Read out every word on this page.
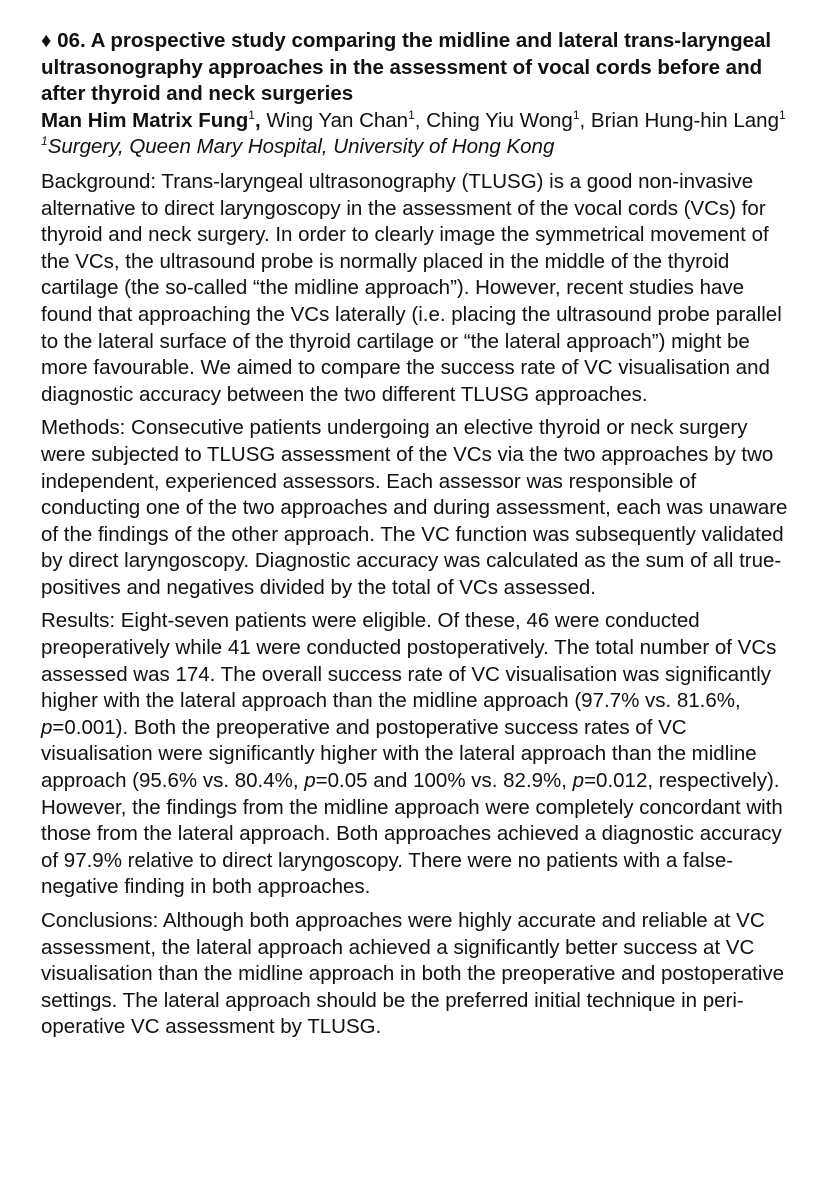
♦ 06. A prospective study comparing the midline and lateral trans-laryngeal ultrasonography approaches in the assessment of vocal cords before and after thyroid and neck surgeries

Man Him Matrix Fung$^1$, Wing Yan Chan$^1$, Ching Yiu Wong$^1$, Brian Hung-hin Lang$^1$

$^1$Surgery, Queen Mary Hospital, University of Hong Kong

Background: Trans-laryngeal ultrasonography (TLUSG) is a good non-invasive alternative to direct laryngoscopy in the assessment of the vocal cords (VCs) for thyroid and neck surgery. In order to clearly image the symmetrical movement of the VCs, the ultrasound probe is normally placed in the middle of the thyroid cartilage (the so-called “the midline approach”). However, recent studies have found that approaching the VCs laterally (i.e. placing the ultrasound probe parallel to the lateral surface of the thyroid cartilage or “the lateral approach”) might be more favourable. We aimed to compare the success rate of VC visualisation and diagnostic accuracy between the two different TLUSG approaches.

Methods: Consecutive patients undergoing an elective thyroid or neck surgery were subjected to TLUSG assessment of the VCs via the two approaches by two independent, experienced assessors. Each assessor was responsible of conducting one of the two approaches and during assessment, each was unaware of the findings of the other approach. The VC function was subsequently validated by direct laryngoscopy. Diagnostic accuracy was calculated as the sum of all true-positives and negatives divided by the total of VCs assessed.

Results: Eight-seven patients were eligible. Of these, 46 were conducted preoperatively while 41 were conducted postoperatively. The total number of VCs assessed was 174. The overall success rate of VC visualisation was significantly higher with the lateral approach than the midline approach (97.7% vs. 81.6%, p=0.001). Both the preoperative and postoperative success rates of VC visualisation were significantly higher with the lateral approach than the midline approach (95.6% vs. 80.4%, p=0.05 and 100% vs. 82.9%, p=0.012, respectively). However, the findings from the midline approach were completely concordant with those from the lateral approach. Both approaches achieved a diagnostic accuracy of 97.9% relative to direct laryngoscopy. There were no patients with a false-negative finding in both approaches.

Conclusions: Although both approaches were highly accurate and reliable at VC assessment, the lateral approach achieved a significantly better success at VC visualisation than the midline approach in both the preoperative and postoperative settings. The lateral approach should be the preferred initial technique in peri-operative VC assessment by TLUSG.
